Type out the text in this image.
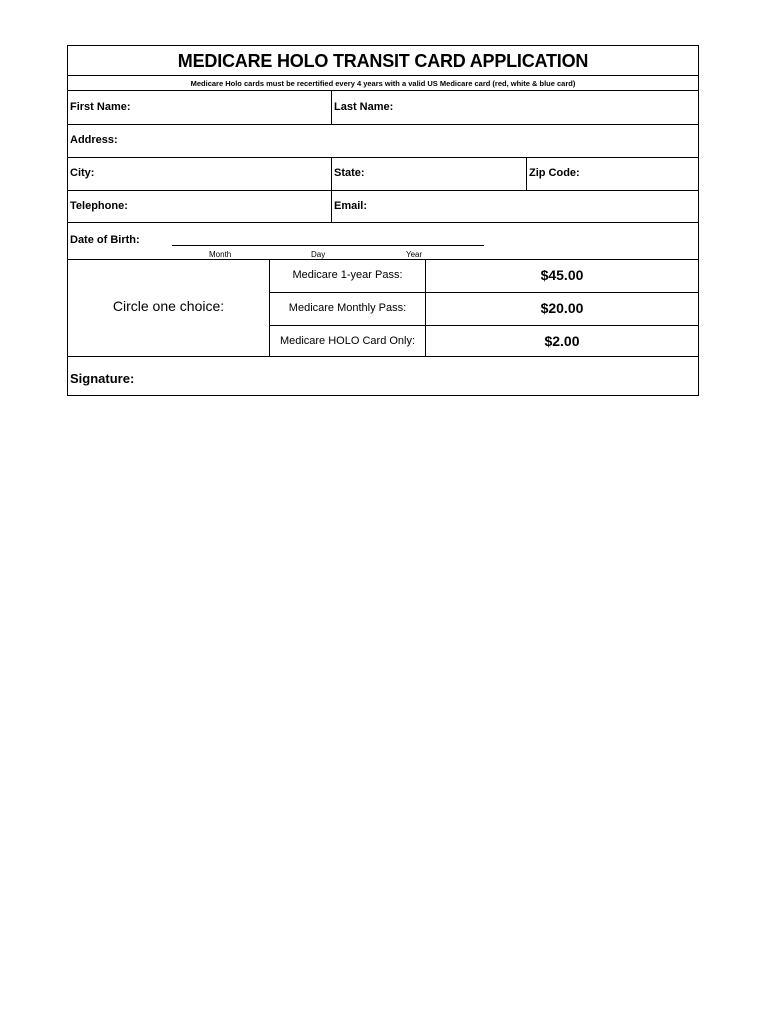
MEDICARE HOLO TRANSIT CARD APPLICATION
Medicare Holo cards must be recertified every 4 years with a valid US Medicare card (red, white & blue card)
First Name:	Last Name:
Address:
City:	State:	Zip Code:
Telephone:	Email:
Date of Birth:
Month	Day	Year
Circle one choice:
Medicare 1-year Pass:	$45.00
Medicare Monthly Pass:	$20.00
Medicare HOLO Card Only:	$2.00
Signature:
